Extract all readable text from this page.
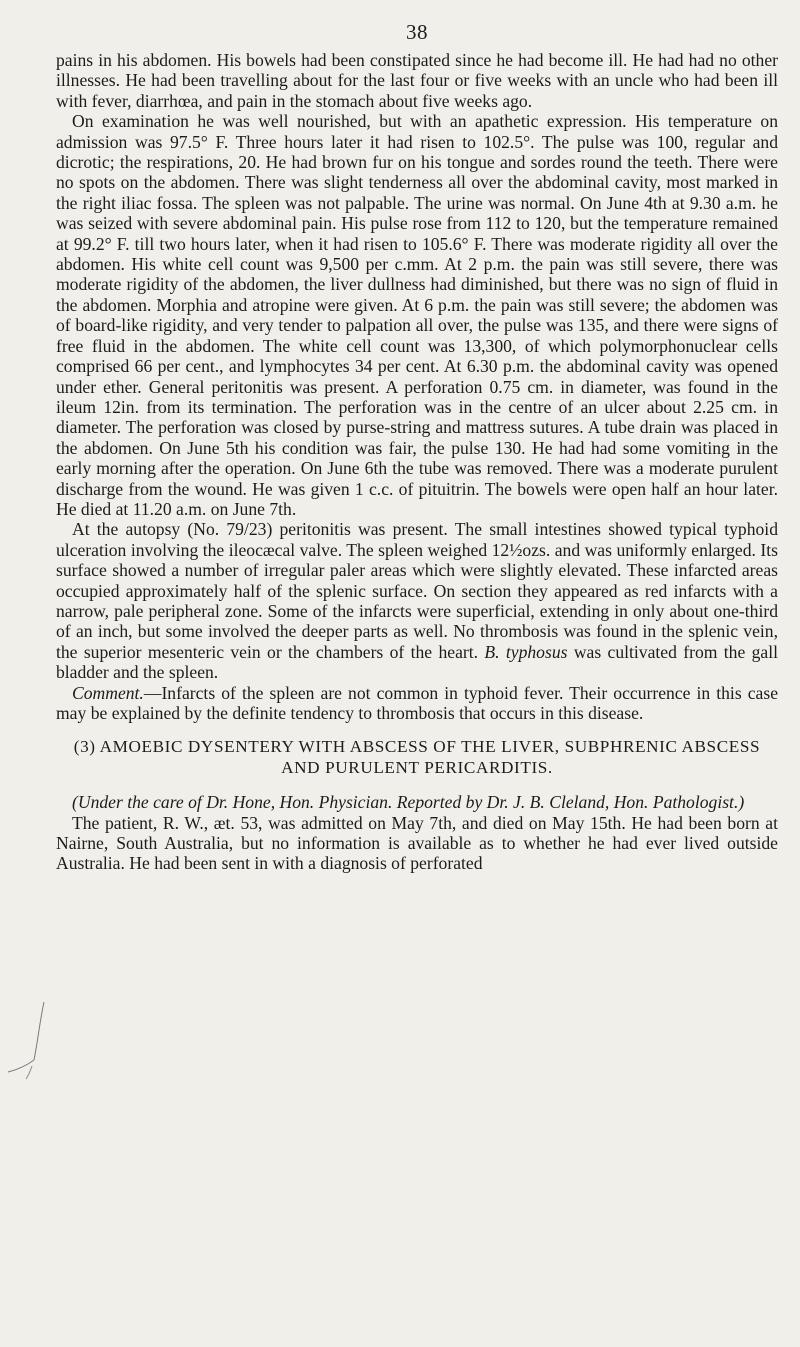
38

pains in his abdomen. His bowels had been constipated since he had become ill. He had had no other illnesses. He had been travelling about for the last four or five weeks with an uncle who had been ill with fever, diarrhœa, and pain in the stomach about five weeks ago.

On examination he was well nourished, but with an apathetic expression. His temperature on admission was 97.5° F. Three hours later it had risen to 102.5°. The pulse was 100, regular and dicrotic; the respirations, 20. He had brown fur on his tongue and sordes round the teeth. There were no spots on the abdomen. There was slight tenderness all over the abdominal cavity, most marked in the right iliac fossa. The spleen was not palpable. The urine was normal. On June 4th at 9.30 a.m. he was seized with severe abdominal pain. His pulse rose from 112 to 120, but the temperature remained at 99.2° F. till two hours later, when it had risen to 105.6° F. There was moderate rigidity all over the abdomen. His white cell count was 9,500 per c.mm. At 2 p.m. the pain was still severe, there was moderate rigidity of the abdomen, the liver dullness had diminished, but there was no sign of fluid in the abdomen. Morphia and atropine were given. At 6 p.m. the pain was still severe; the abdomen was of board-like rigidity, and very tender to palpation all over, the pulse was 135, and there were signs of free fluid in the abdomen. The white cell count was 13,300, of which polymorphonuclear cells comprised 66 per cent., and lymphocytes 34 per cent. At 6.30 p.m. the abdominal cavity was opened under ether. General peritonitis was present. A perforation 0.75 cm. in diameter, was found in the ileum 12in. from its termination. The perforation was in the centre of an ulcer about 2.25 cm. in diameter. The perforation was closed by purse-string and mattress sutures. A tube drain was placed in the abdomen. On June 5th his condition was fair, the pulse 130. He had had some vomiting in the early morning after the operation. On June 6th the tube was removed. There was a moderate purulent discharge from the wound. He was given 1 c.c. of pituitrin. The bowels were open half an hour later. He died at 11.20 a.m. on June 7th.

At the autopsy (No. 79/23) peritonitis was present. The small intestines showed typical typhoid ulceration involving the ileocæcal valve. The spleen weighed 12½ozs. and was uniformly enlarged. Its surface showed a number of irregular paler areas which were slightly elevated. These infarcted areas occupied approximately half of the splenic surface. On section they appeared as red infarcts with a narrow, pale peripheral zone. Some of the infarcts were superficial, extending in only about one-third of an inch, but some involved the deeper parts as well. No thrombosis was found in the splenic vein, the superior mesenteric vein or the chambers of the heart. B. typhosus was cultivated from the gall bladder and the spleen.

Comment.—Infarcts of the spleen are not common in typhoid fever. Their occurrence in this case may be explained by the definite tendency to thrombosis that occurs in this disease.

(3) AMOEBIC DYSENTERY WITH ABSCESS OF THE LIVER, SUBPHRENIC ABSCESS AND PURULENT PERICARDITIS.

(Under the care of Dr. Hone, Hon. Physician. Reported by Dr. J. B. Cleland, Hon. Pathologist.)

The patient, R. W., æt. 53, was admitted on May 7th, and died on May 15th. He had been born at Nairne, South Australia, but no information is available as to whether he had ever lived outside Australia. He had been sent in with a diagnosis of perforated
